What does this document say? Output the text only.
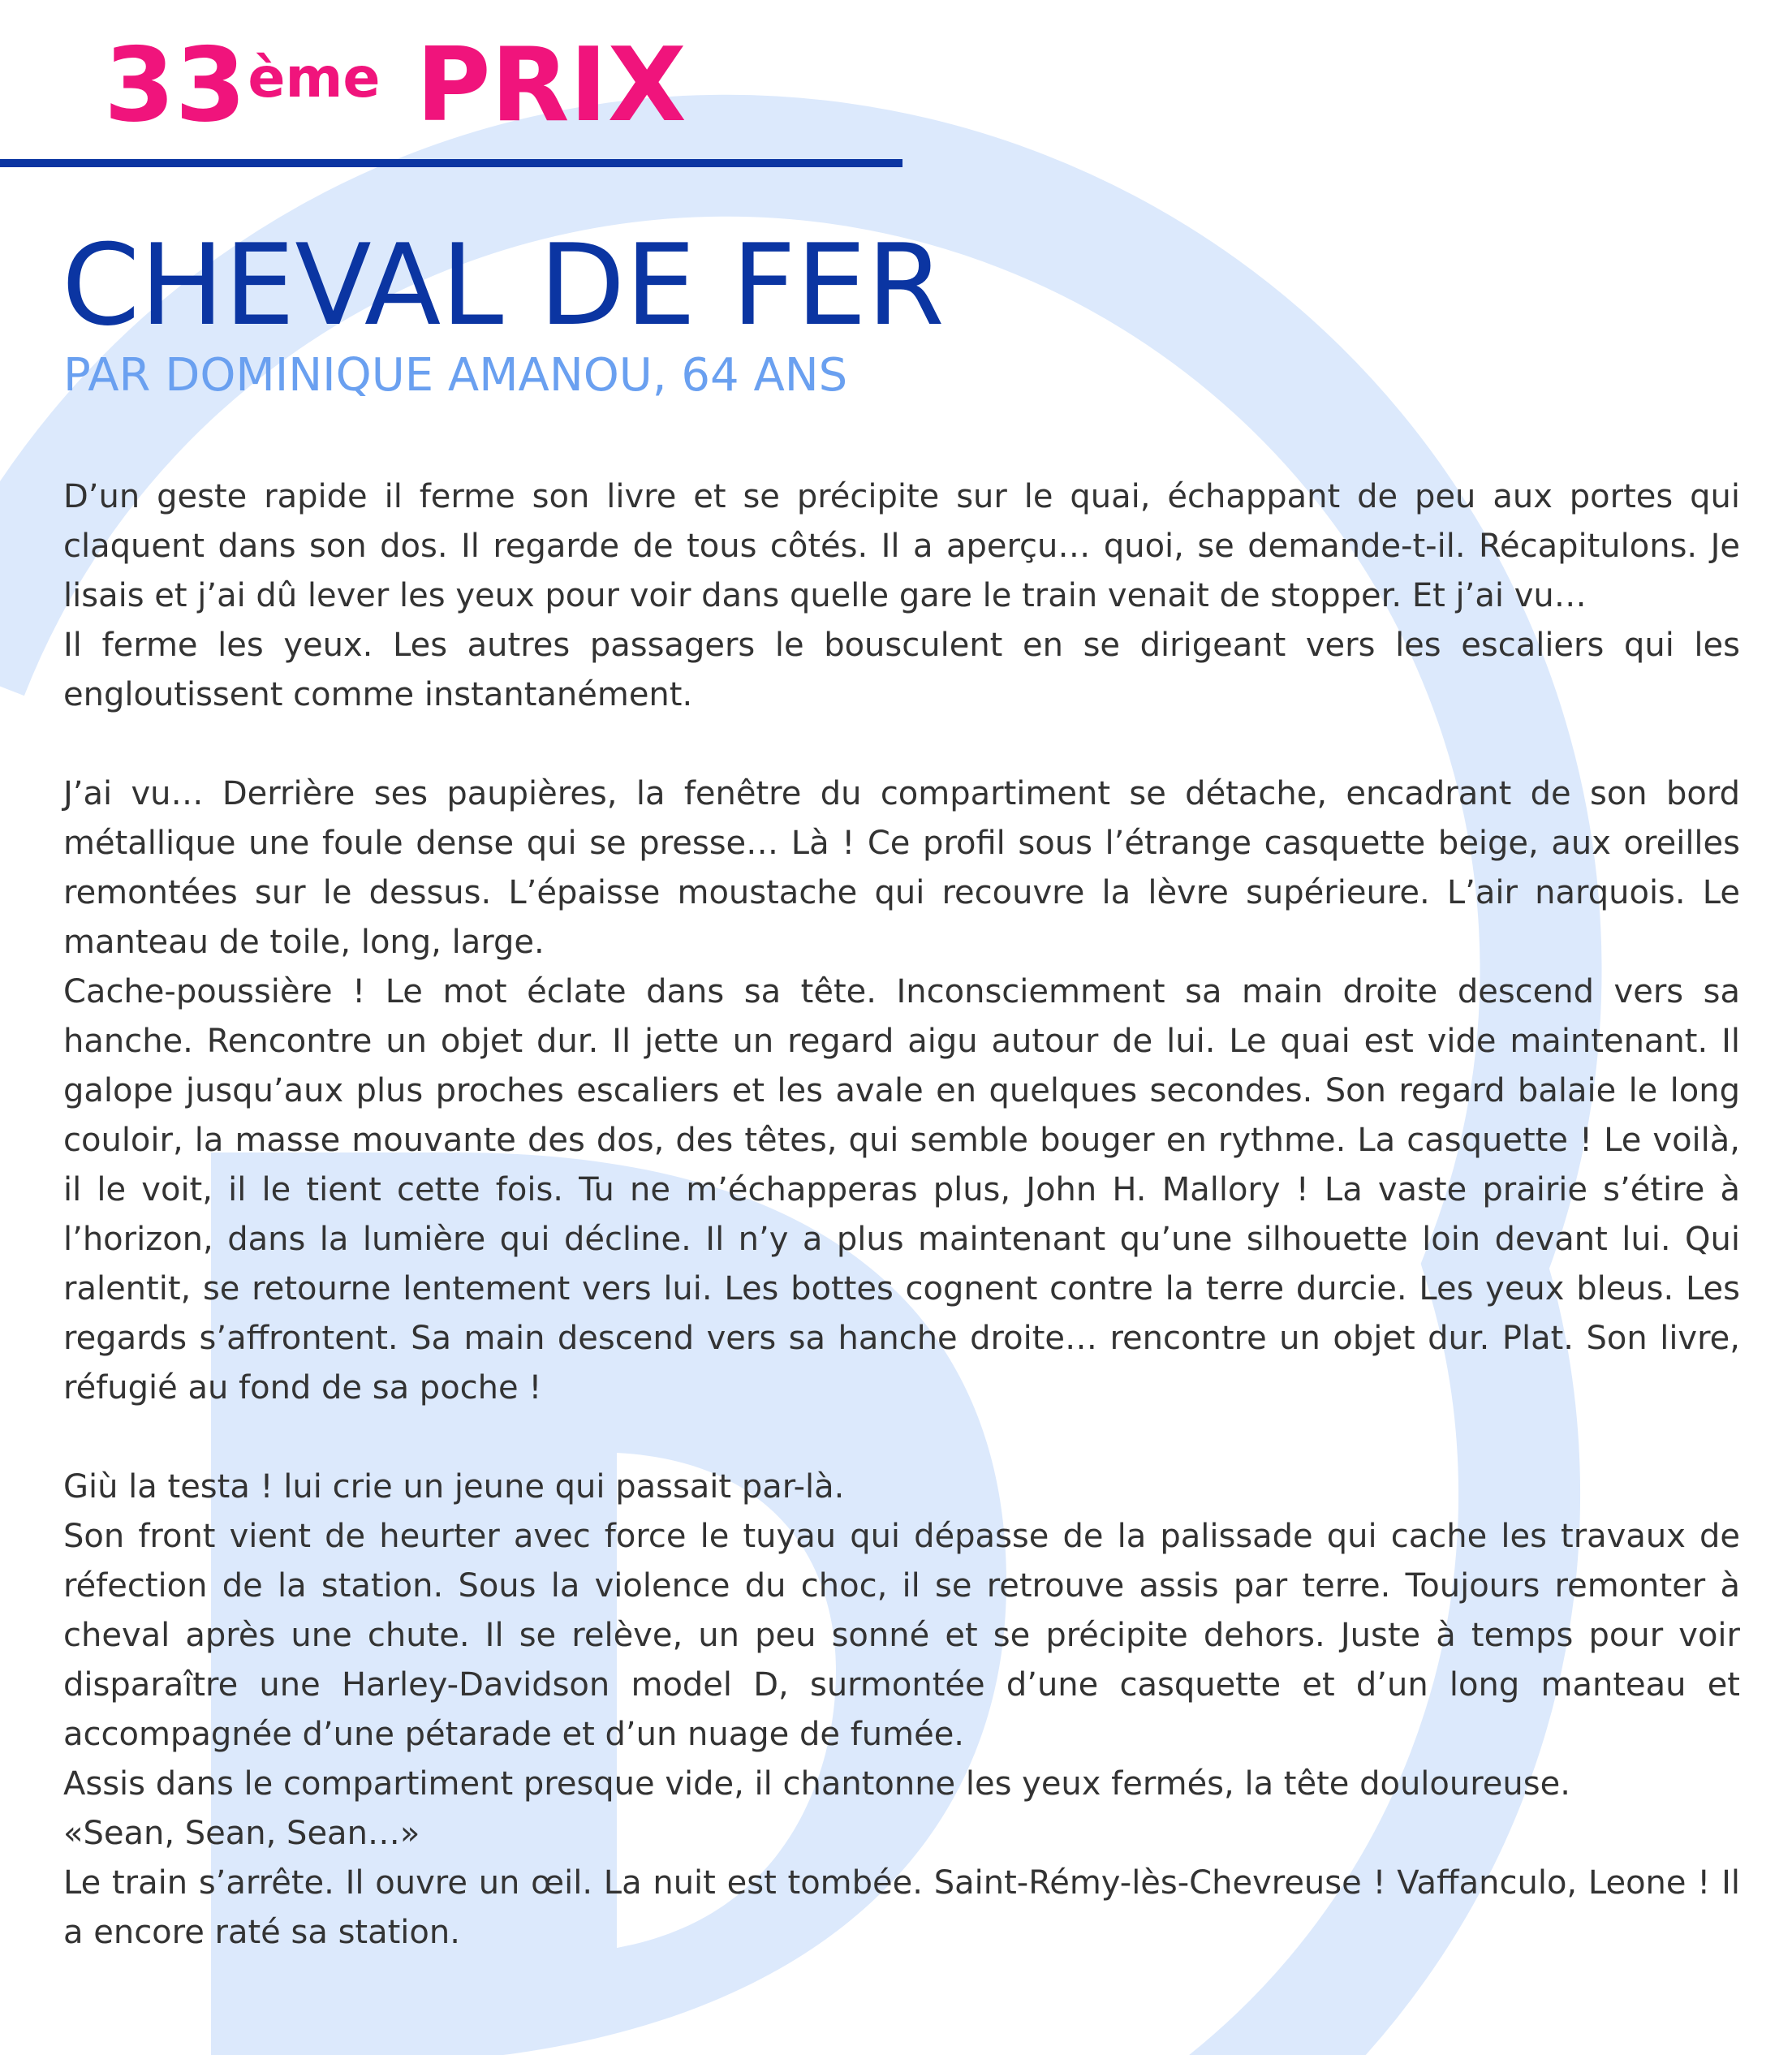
33ème PRIX
CHEVAL DE FER
PAR DOMINIQUE AMANOU, 64 ANS

D’un geste rapide il ferme son livre et se précipite sur le quai, échappant de peu aux portes qui claquent dans son dos. Il regarde de tous côtés. Il a aperçu… quoi, se demande-t-il. Récapitulons. Je lisais et j’ai dû lever les yeux pour voir dans quelle gare le train venait de stopper. Et j’ai vu…

Il ferme les yeux. Les autres passagers le bousculent en se dirigeant vers les escaliers qui les engloutissent comme instantanément.

J’ai vu… Derrière ses paupières, la fenêtre du compartiment se détache, encadrant de son bord métallique une foule dense qui se presse… Là ! Ce profil sous l’étrange casquette beige, aux oreilles remontées sur le dessus. L’épaisse moustache qui recouvre la lèvre supérieure. L’air narquois. Le manteau de toile, long, large.

Cache-poussière ! Le mot éclate dans sa tête. Inconsciemment sa main droite descend vers sa hanche. Rencontre un objet dur. Il jette un regard aigu autour de lui. Le quai est vide maintenant. Il galope jusqu’aux plus proches escaliers et les avale en quelques secondes. Son regard balaie le long couloir, la masse mouvante des dos, des têtes, qui semble bouger en rythme. La casquette ! Le voilà, il le voit, il le tient cette fois. Tu ne m’échapperas plus, John H. Mallory ! La vaste prairie s’étire à l’horizon, dans la lumière qui décline. Il n’y a plus maintenant qu’une silhouette loin devant lui. Qui ralentit, se retourne lentement vers lui. Les bottes cognent contre la terre durcie. Les yeux bleus. Les regards s’affrontent. Sa main descend vers sa hanche droite… rencontre un objet dur. Plat. Son livre, réfugié au fond de sa poche !

Giù la testa ! lui crie un jeune qui passait par-là.

Son front vient de heurter avec force le tuyau qui dépasse de la palissade qui cache les travaux de réfection de la station. Sous la violence du choc, il se retrouve assis par terre. Toujours remonter à cheval après une chute. Il se relève, un peu sonné et se précipite dehors. Juste à temps pour voir disparaître une Harley-Davidson model D, surmontée d’une casquette et d’un long manteau et accompagnée d’une pétarade et d’un nuage de fumée.

Assis dans le compartiment presque vide, il chantonne les yeux fermés, la tête douloureuse.

«Sean, Sean, Sean…»

Le train s’arrête. Il ouvre un œil. La nuit est tombée. Saint-Rémy-lès-Chevreuse ! Vaffanculo, Leone ! Il a encore raté sa station.
